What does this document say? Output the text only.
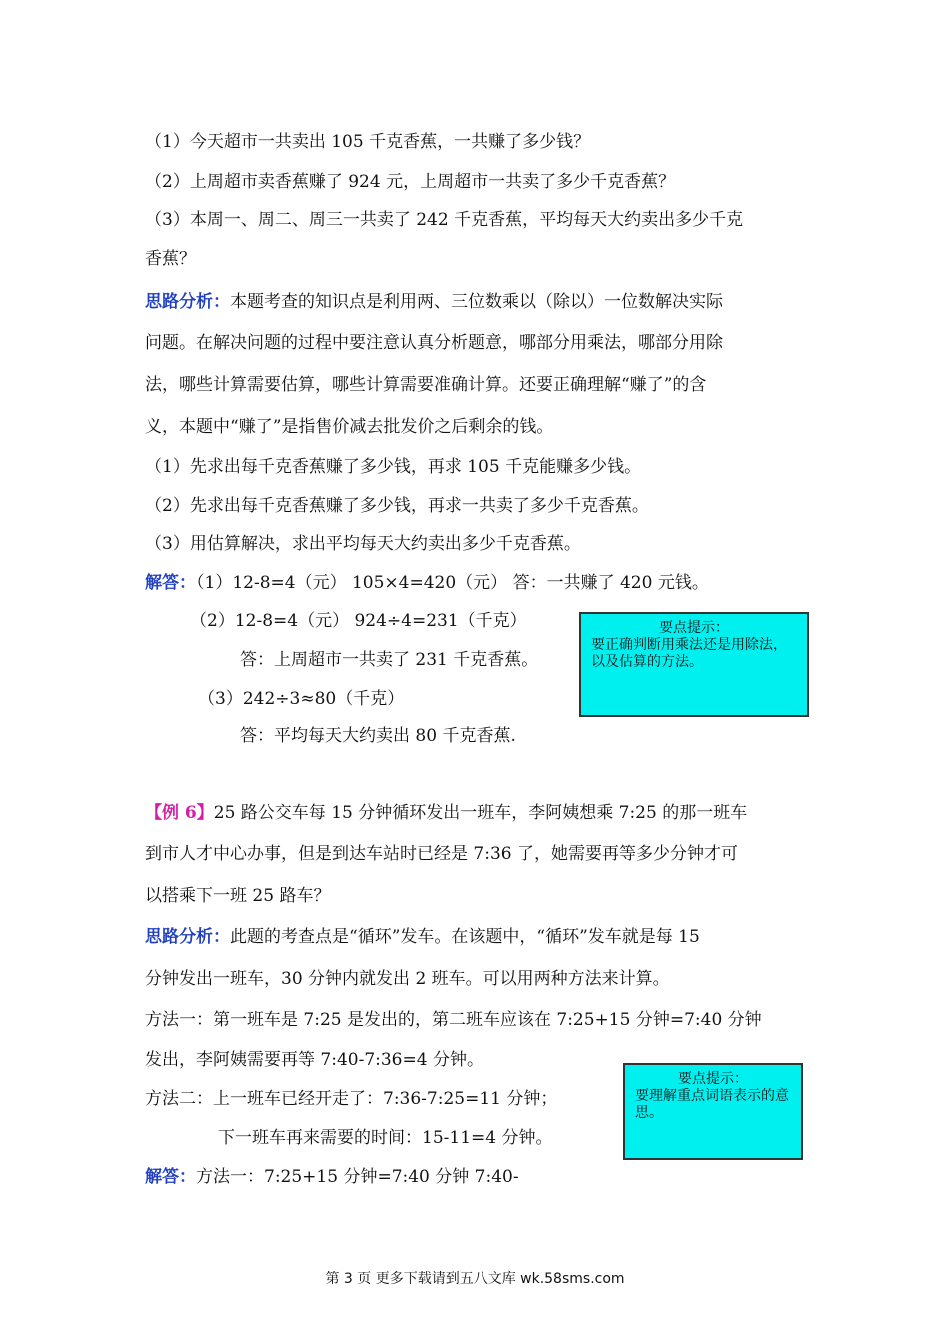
（1）今天超市一共卖出 105 千克香蕉，一共赚了多少钱？
（2）上周超市卖香蕉赚了 924 元，上周超市一共卖了多少千克香蕉？
（3）本周一、周二、周三一共卖了 242 千克香蕉，平均每天大约卖出多少千克
香蕉？
思路分析：本题考查的知识点是利用两、三位数乘以（除以）一位数解决实际
问题。在解决问题的过程中要注意认真分析题意，哪部分用乘法，哪部分用除
法，哪些计算需要估算，哪些计算需要准确计算。还要正确理解“赚了”的含
义，本题中“赚了”是指售价减去批发价之后剩余的钱。
（1）先求出每千克香蕉赚了多少钱，再求 105 千克能赚多少钱。
（2）先求出每千克香蕉赚了多少钱，再求一共卖了多少千克香蕉。
（3）用估算解决，求出平均每天大约卖出多少千克香蕉。
解答：（1）12-8=4（元） 105×4=420（元） 答：一共赚了 420 元钱。
（2）12-8=4（元） 924÷4=231（千克）
答：上周超市一共卖了 231 千克香蕉。
（3）242÷3≈80（千克）
答：平均每天大约卖出 80 千克香蕉.
要点提示：
要正确判断用乘法还是用除法，以及估算的方法。
【例 6】25 路公交车每 15 分钟循环发出一班车，李阿姨想乘 7:25 的那一班车
到市人才中心办事，但是到达车站时已经是 7:36 了，她需要再等多少分钟才可
以搭乘下一班 25 路车？
思路分析：此题的考查点是“循环”发车。在该题中，“循环”发车就是每 15
分钟发出一班车，30 分钟内就发出 2 班车。可以用两种方法来计算。
方法一：第一班车是 7:25 是发出的，第二班车应该在 7:25+15 分钟=7:40 分钟
发出，李阿姨需要再等 7:40-7:36=4 分钟。
方法二：上一班车已经开走了：7:36-7:25=11 分钟；
下一班车再来需要的时间：15-11=4 分钟。
解答：方法一：7:25+15 分钟=7:40 分钟 7:40-
要点提示：
要理解重点词语表示的意思。
第 3 页 更多下载请到五八文库 wk.58sms.com
